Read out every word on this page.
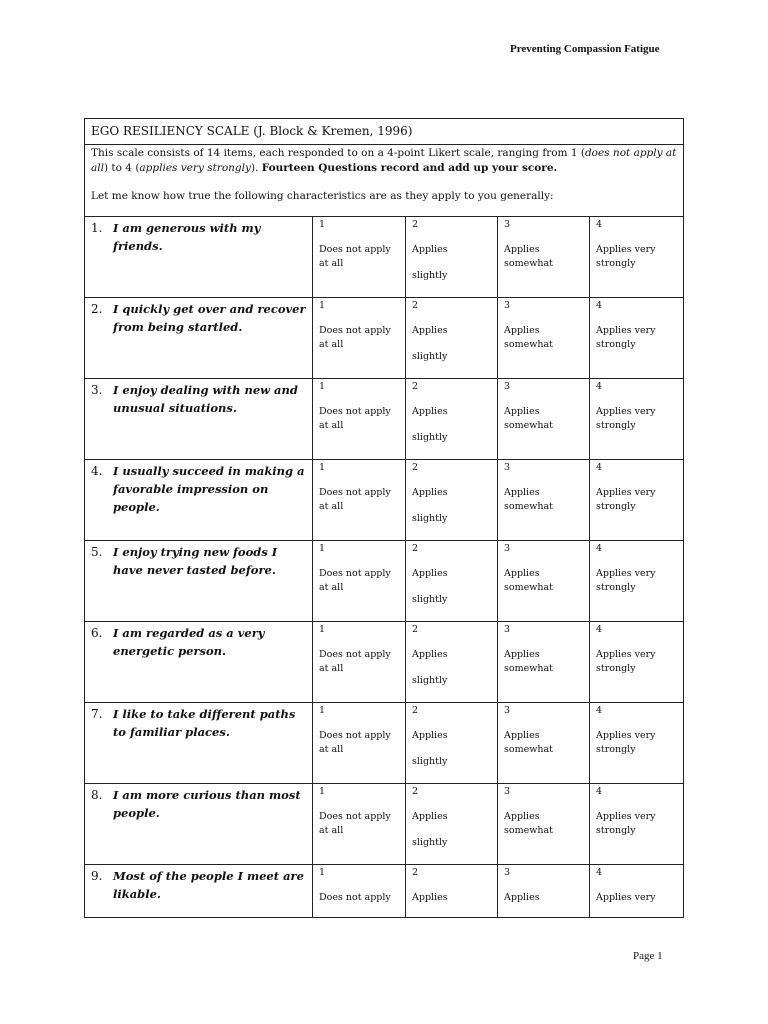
Preventing Compassion Fatigue
EGO RESILIENCY SCALE (J. Block & Kremen, 1996)				

This scale consists of 14 items, each responded to on a 4-point Likert scale, ranging from 1 (does not apply at all) to 4 (applies very strongly). Fourteen Questions record and add up your score.

Let me know how true the following characteristics are as they apply to you generally:				

1. I am generous with my friends.	1
Does not apply at all	2
Applies
slightly	3
Applies somewhat	4
Applies very strongly

2. I quickly get over and recover from being startled.	1
Does not apply at all	2
Applies
slightly	3
Applies somewhat	4
Applies very strongly

3. I enjoy dealing with new and unusual situations.	1
Does not apply at all	2
Applies
slightly	3
Applies somewhat	4
Applies very strongly

4. I usually succeed in making a favorable impression on people.	1
Does not apply at all	2
Applies
slightly	3
Applies somewhat	4
Applies very strongly

5. I enjoy trying new foods I have never tasted before.	1
Does not apply at all	2
Applies
slightly	3
Applies somewhat	4
Applies very strongly

6. I am regarded as a very energetic person.	1
Does not apply at all	2
Applies
slightly	3
Applies somewhat	4
Applies very strongly

7. I like to take different paths to familiar places.	1
Does not apply at all	2
Applies
slightly	3
Applies somewhat	4
Applies very strongly

8. I am more curious than most people.	1
Does not apply at all	2
Applies
slightly	3
Applies somewhat	4
Applies very strongly

9. Most of the people I meet are likable.	1
Does not apply	2
Applies	3
Applies	4
Applies very
Page 1
